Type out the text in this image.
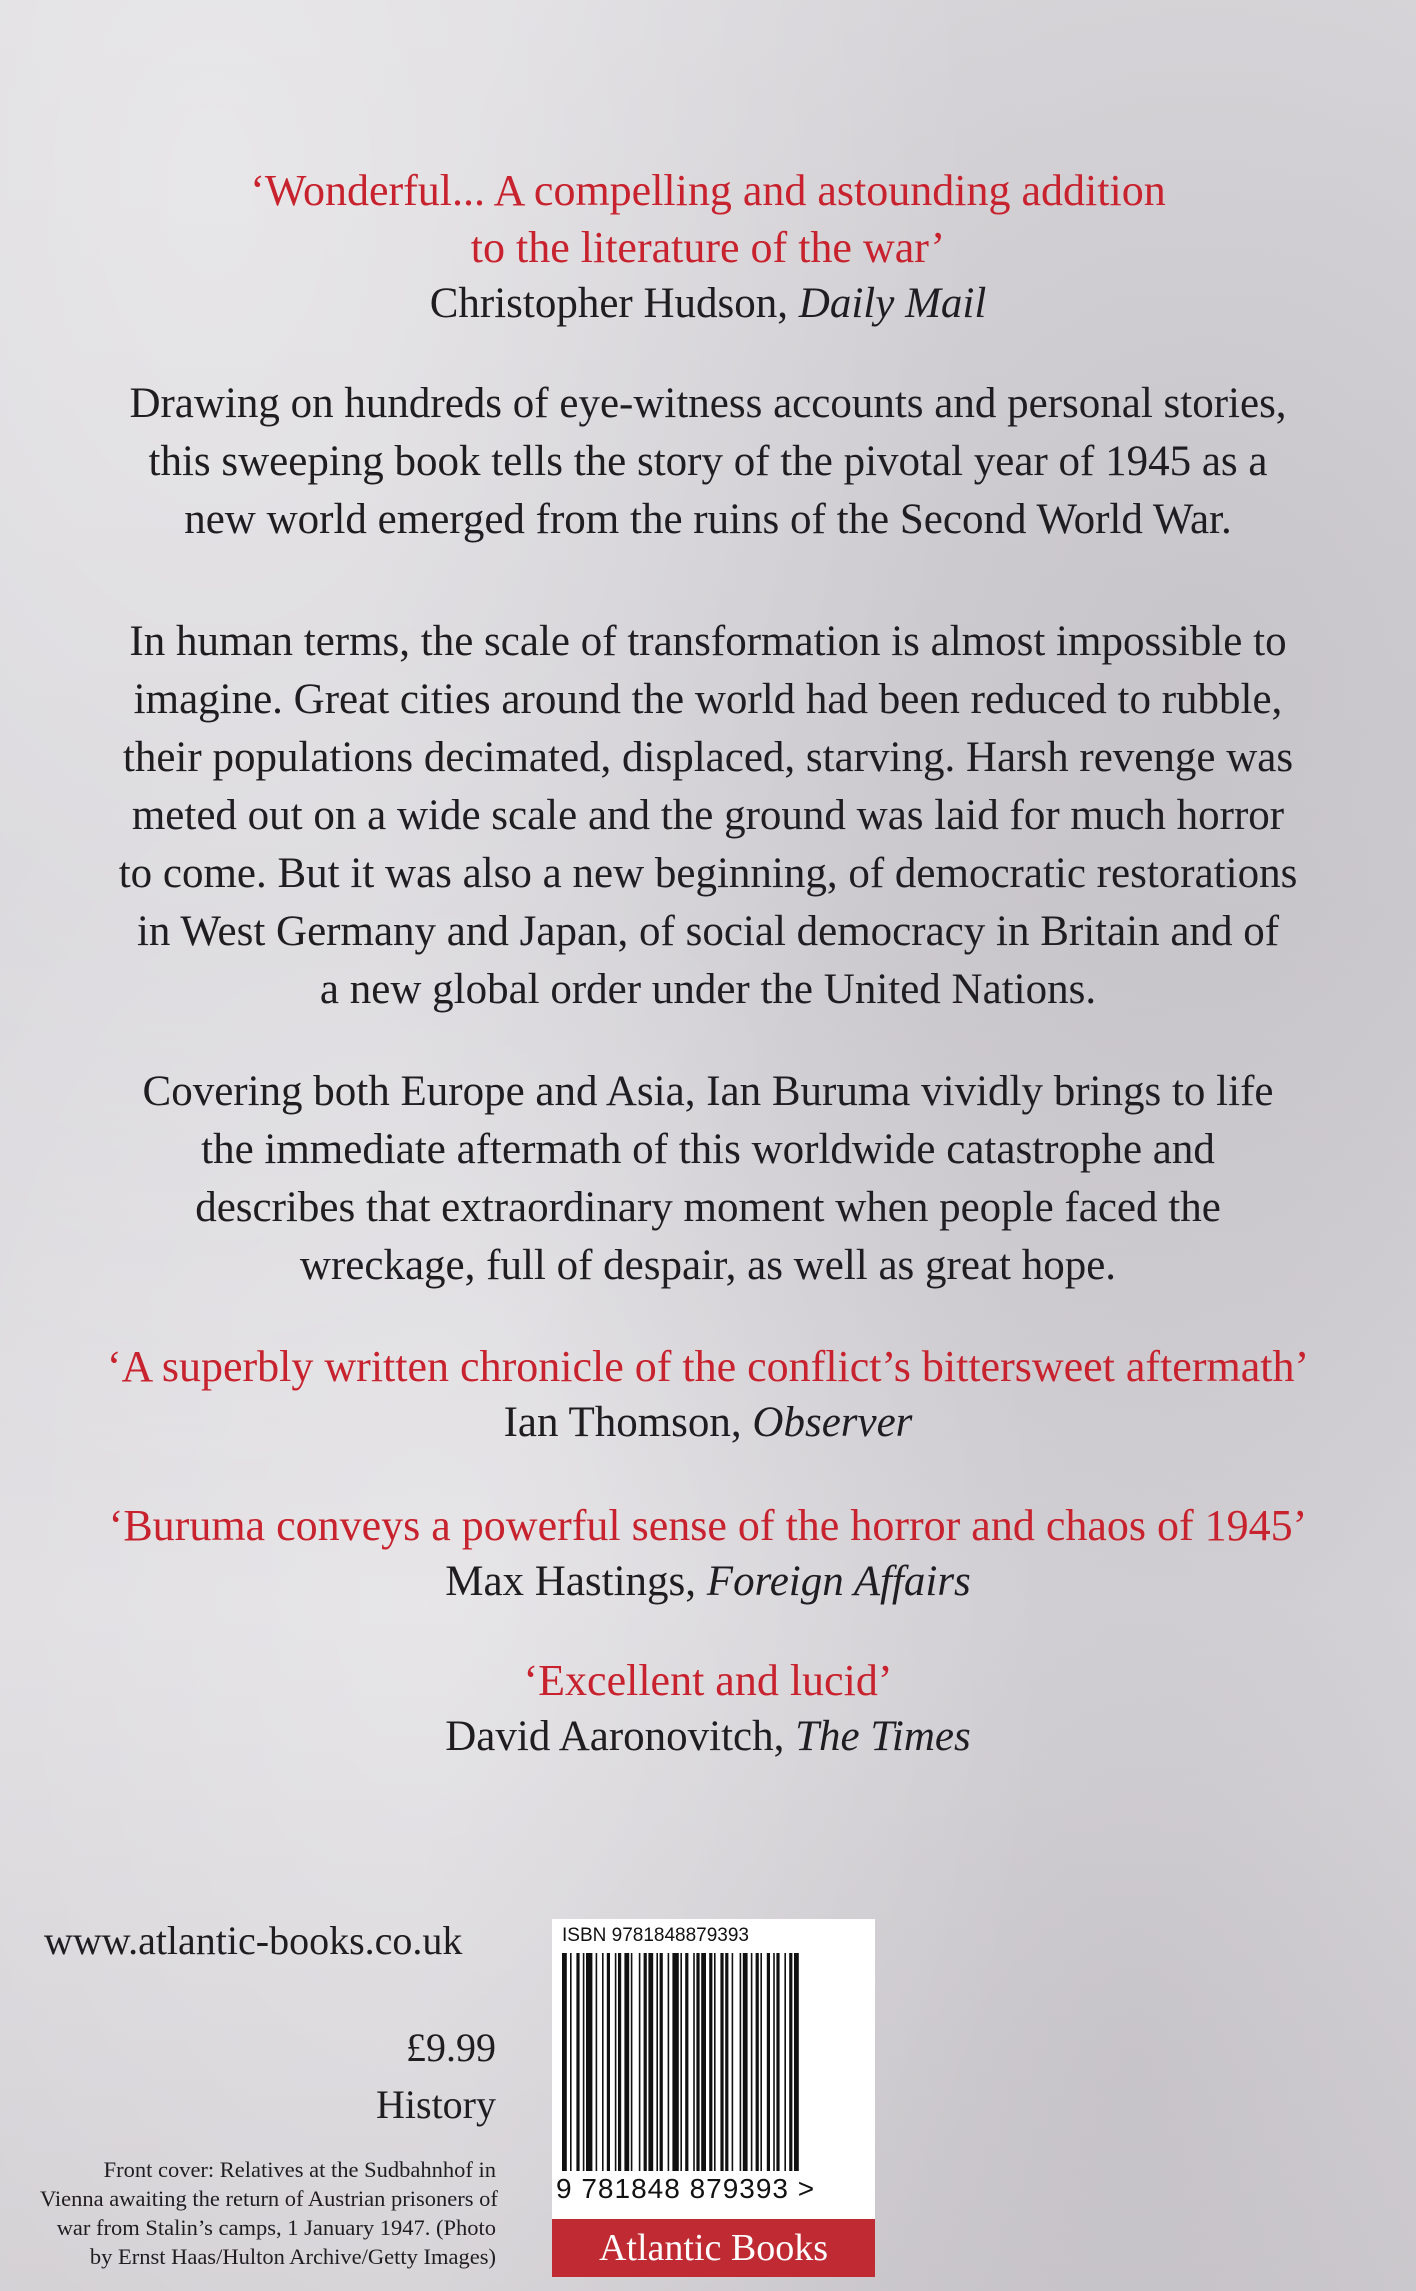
‘Wonderful... A compelling and astounding addition
to the literature of the war’
Christopher Hudson, Daily Mail
Drawing on hundreds of eye-witness accounts and personal stories,
this sweeping book tells the story of the pivotal year of 1945 as a
new world emerged from the ruins of the Second World War.
In human terms, the scale of transformation is almost impossible to
imagine. Great cities around the world had been reduced to rubble,
their populations decimated, displaced, starving. Harsh revenge was
meted out on a wide scale and the ground was laid for much horror
to come. But it was also a new beginning, of democratic restorations
in West Germany and Japan, of social democracy in Britain and of
a new global order under the United Nations.
Covering both Europe and Asia, Ian Buruma vividly brings to life
the immediate aftermath of this worldwide catastrophe and
describes that extraordinary moment when people faced the
wreckage, full of despair, as well as great hope.
‘A superbly written chronicle of the conflict’s bittersweet aftermath’
Ian Thomson, Observer
‘Buruma conveys a powerful sense of the horror and chaos of 1945’
Max Hastings, Foreign Affairs
‘Excellent and lucid’
David Aaronovitch, The Times
www.atlantic-books.co.uk
£9.99
History
Front cover: Relatives at the Sudbahnhof in
Vienna awaiting the return of Austrian prisoners of
war from Stalin’s camps, 1 January 1947. (Photo
by Ernst Haas/Hulton Archive/Getty Images)
ISBN 9781848879393
9 781848 879393 >
Atlantic Books
